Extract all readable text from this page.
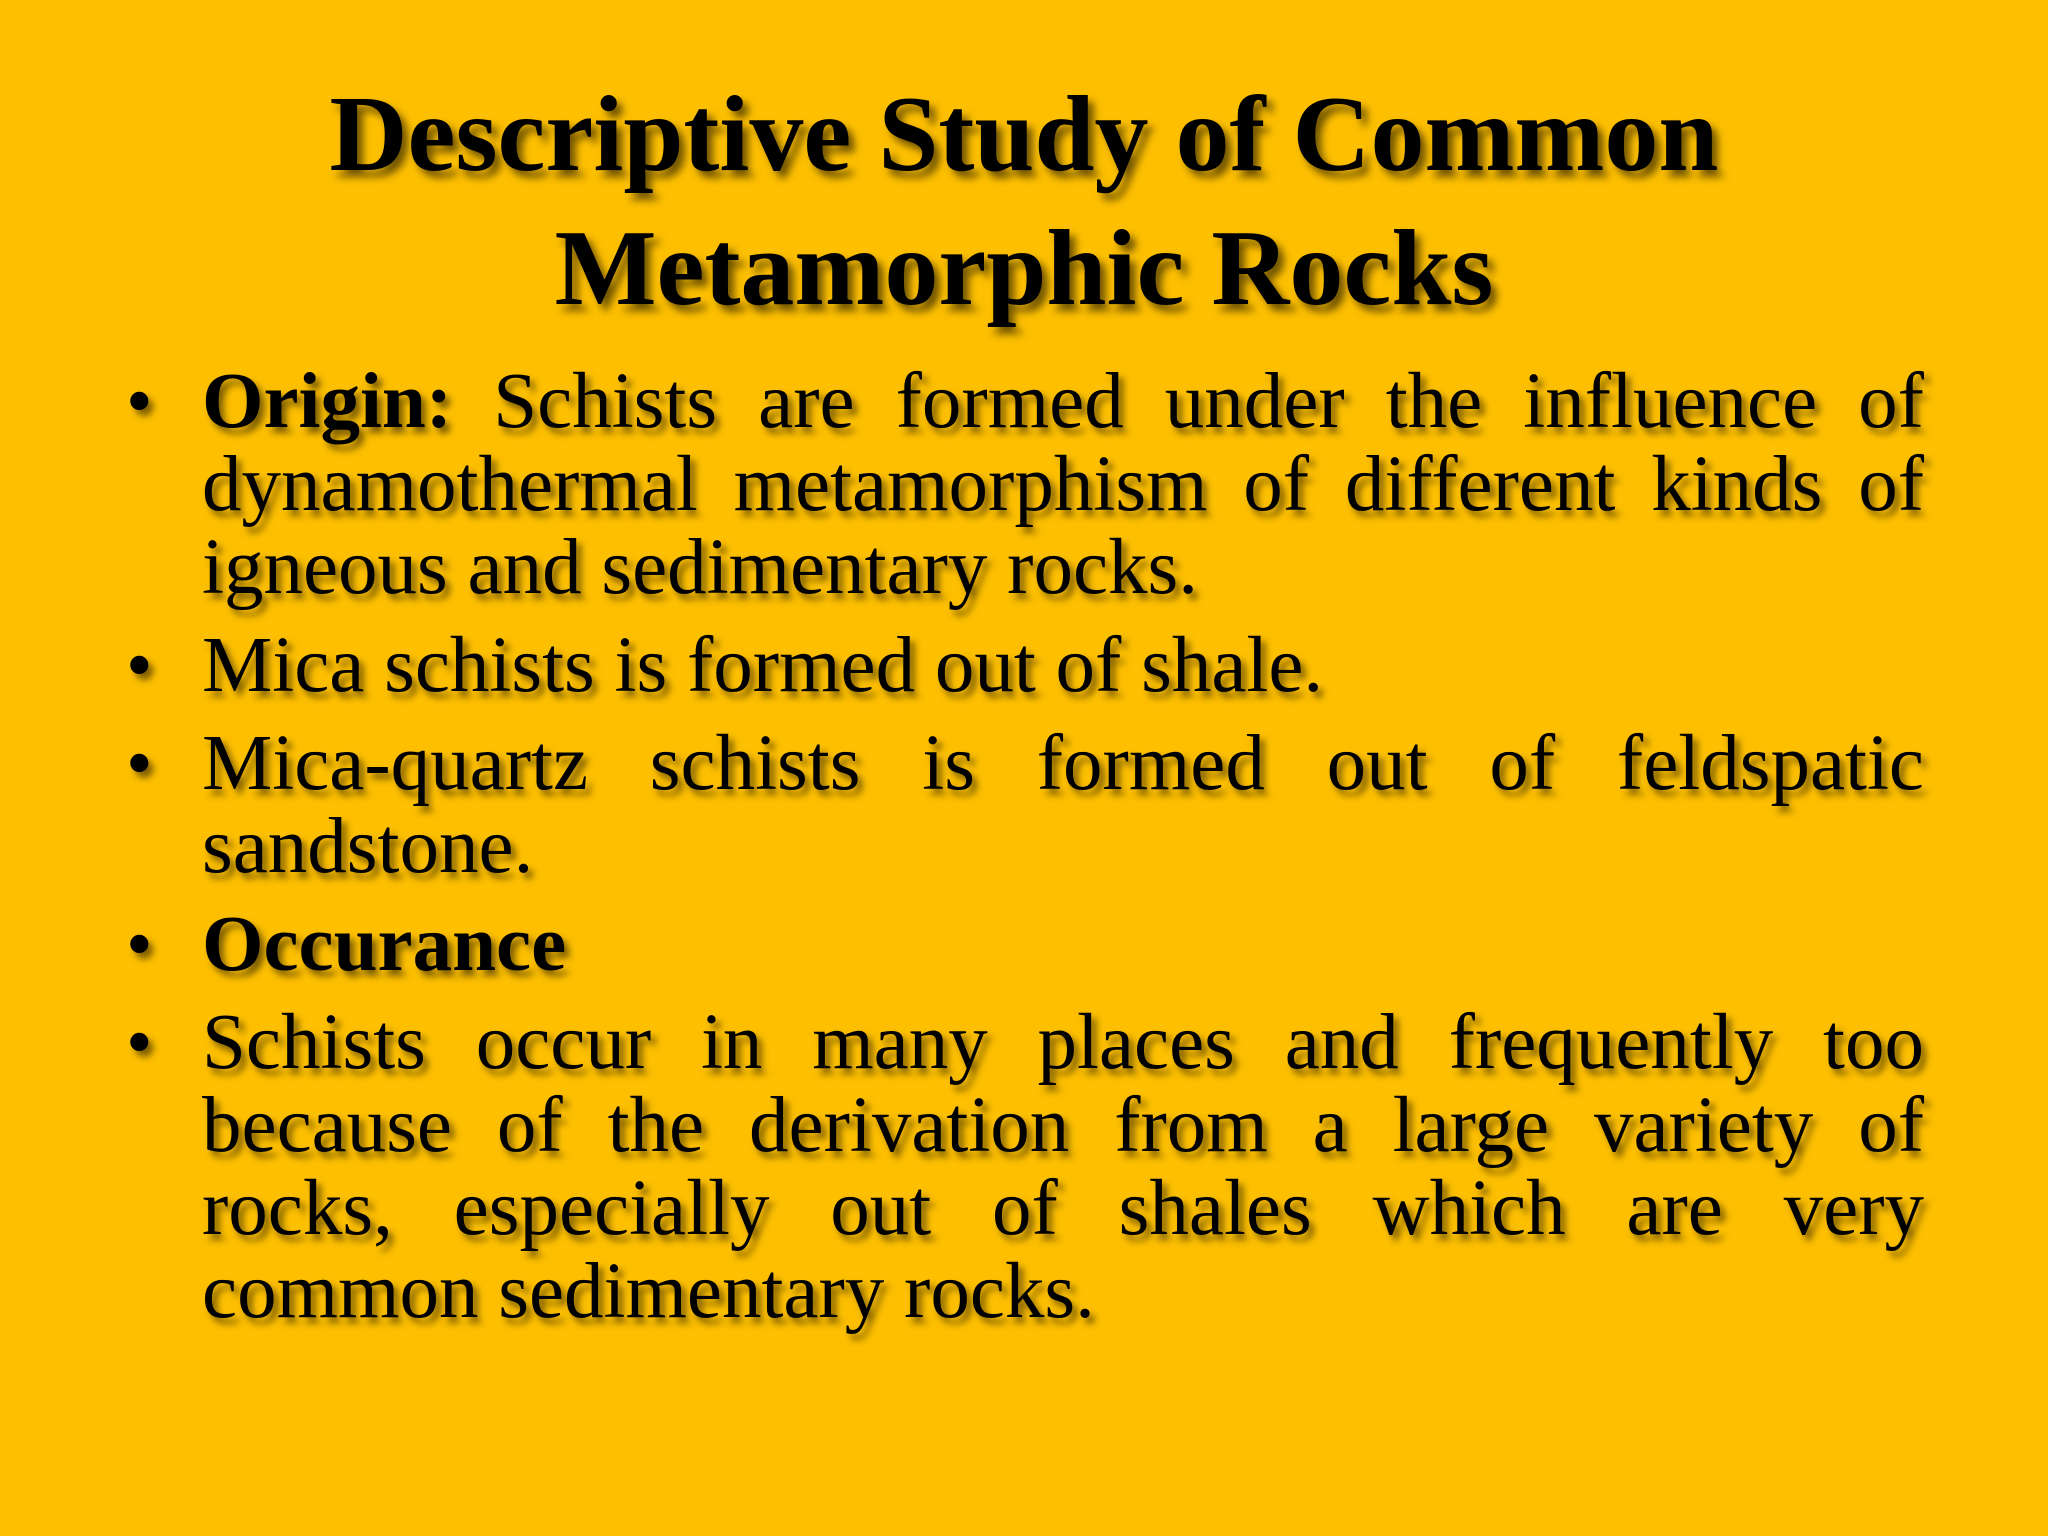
Descriptive Study of Common
Metamorphic Rocks
• Origin: Schists are formed under the influence of dynamothermal metamorphism of different kinds of igneous and sedimentary rocks.
• Mica schists is formed out of shale.
• Mica-quartz schists is formed out of feldspatic sandstone.
• Occurance
• Schists occur in many places and frequently too because of the derivation from a large variety of rocks, especially out of shales which are very common sedimentary rocks.
